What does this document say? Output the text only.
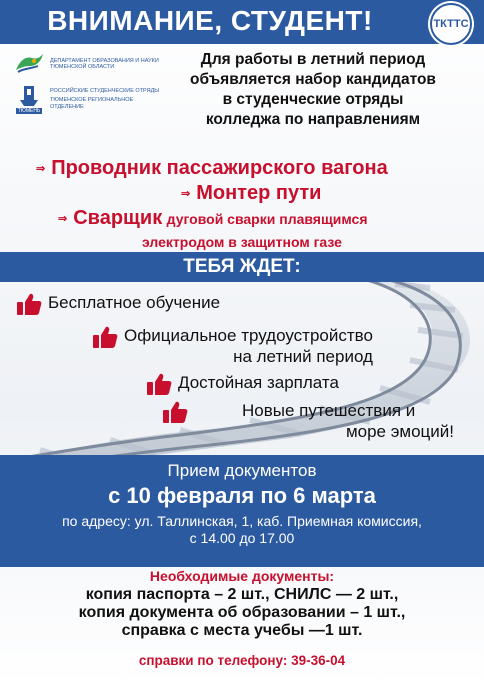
ВНИМАНИЕ, СТУДЕНТ!	ТКТТС
ДЕПАРТАМЕНТ ОБРАЗОВАНИЯ И НАУКИ ТЮМЕНСКОЙ ОБЛАСТИ
ТЮМЕНЬ
РОССИЙСКИЕ СТУДЕНЧЕСКИЕ ОТРЯДЫ
ТЮМЕНСКОЕ РЕГИОНАЛЬНОЕ ОТДЕЛЕНИЕ
Для работы в летний период
объявляется набор кандидатов
в студенческие отряды
колледжа по направлениям
⇒ Проводник пассажирского вагона
⇒ Монтер пути
⇒ Сварщик дуговой сварки плавящимся
электродом в защитном газе
ТЕБЯ ЖДЕТ:
Бесплатное обучение
Официальное трудоустройство
на летний период
Достойная зарплата
Новые путешествия и
море эмоций!
Прием документов
с 10 февраля по 6 марта
по адресу: ул. Таллинская, 1, каб. Приемная комиссия,
с 14.00 до 17.00
Необходимые документы:
копия паспорта – 2 шт., СНИЛС — 2 шт.,
копия документа об образовании – 1 шт.,
справка с места учебы —1 шт.
справки по телефону: 39-36-04
